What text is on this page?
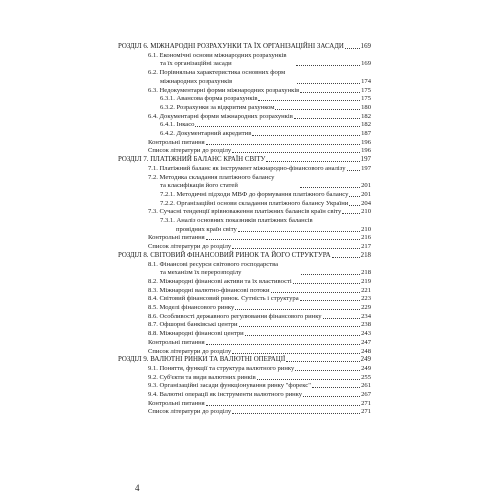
РОЗДІЛ 6. МІЖНАРОДНІ РОЗРАХУНКИ ТА ЇХ ОРГАНІЗАЦІЙНІ ЗАСАДИ 169
6.1. Економічні основи міжнародних розрахунків
та їх організаційні засади	169
6.2. Порівняльна характеристика основних форм
міжнародних розрахунків	174
6.3. Недокументарні форми міжнародних розрахунків	175
6.3.1. Авансова форма розрахунків	175
6.3.2. Розрахунки за відкритим рахунком	180
6.4. Документарні форми міжнародних розрахунків	182
6.4.1. Інкасо	182
6.4.2. Документарний акредитив	187
Контрольні питання	196
Список літератури до розділу	196
РОЗДІЛ 7. ПЛАТІЖНИЙ БАЛАНС КРАЇН СВІТУ	197
7.1. Платіжний баланс як інструмент міжнародно-фінансового аналізу 197
7.2. Методика складання платіжного балансу
та класифікація його статей	201
7.2.1. Методичні підходи МВФ до формування платіжного балансу 201
7.2.2. Організаційні основи складання платіжного балансу України 204
7.3. Сучасні тенденції врівноваження платіжних балансів країн світу	210
7.3.1. Аналіз основних показників платіжних балансів
провідних країн світу	210
Контрольні питання	216
Список літератури до розділу	217
РОЗДІЛ 8. СВІТОВИЙ ФІНАНСОВИЙ РИНОК ТА ЙОГО СТРУКТУРА	218
8.1. Фінансові ресурси світового господарства
та механізм їх перерозподілу	218
8.2. Міжнародні фінансові активи та їх властивості	219
8.3. Міжнародні валютно-фінансові потоки	221
8.4. Світовий фінансовий ринок. Сутність і структура	223
8.5. Моделі фінансового ринку	229
8.6. Особливості державного регулювання фінансового ринку	234
8.7. Офшорні банківські центри	238
8.8. Міжнародні фінансові центри	243
Контрольні питання	247
Список літератури до розділу	248
РОЗДІЛ 9. ВАЛЮТНІ РИНКИ ТА ВАЛЮТНІ ОПЕРАЦІЇ	249
9.1. Поняття, функції та структура валютного ринку	249
9.2. Суб'єкти та види валютних ринків	255
9.3. Організаційні засади функціонування ринку "форекс"	261
9.4. Валютні операції як інструменти валютного ринку	267
Контрольні питання	271
Список літератури до розділу	271
4
